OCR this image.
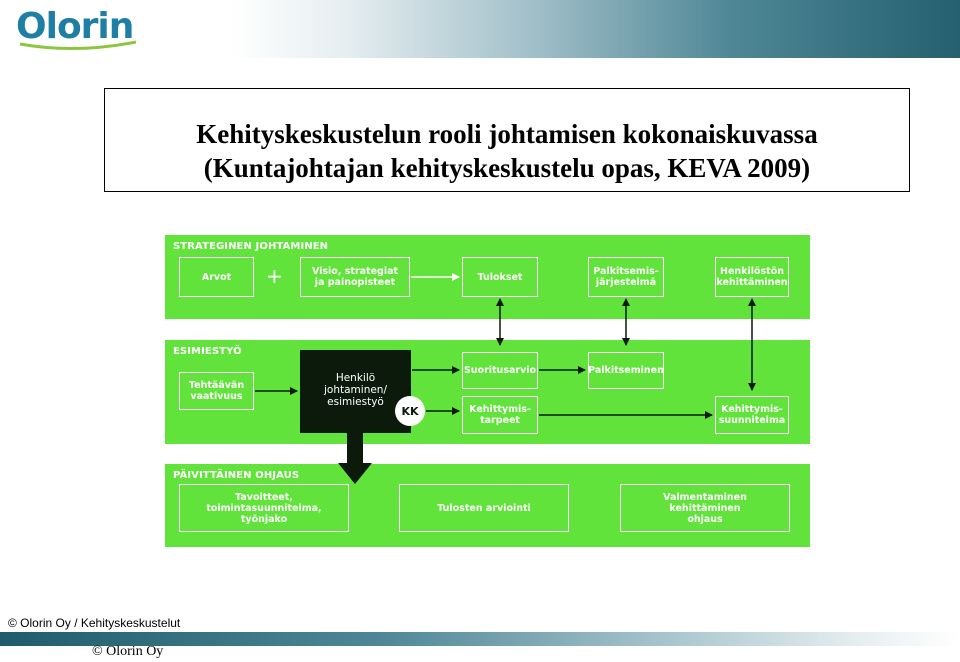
Olorin
Kehityskeskustelun rooli johtamisen kokonaiskuvassa
(Kuntajohtajan kehityskeskustelu opas, KEVA 2009)
STRATEGINEN JOHTAMINEN
ESIMIESTYÖ
PÄIVITTÄINEN OHJAUS
Arvot	+	Visio, strategiat
ja painopisteet	Tulokset	Palkitsemis-
järjestelmä
Henkilöstön
kehittäminen
Tehtäävän
vaativuus
Henkilö
johtaminen/
esimiestyö
Suoritusarvio	Palkitseminen
Kehittymis-
tarpeet
Kehittymis-
suunnitelma
KK
Tavoitteet,
toimintasuunnitelma,
työnjako
Tulosten arviointi
Valmentaminen
kehittäminen
ohjaus
© Olorin Oy / Kehityskeskustelut
© Olorin Oy
